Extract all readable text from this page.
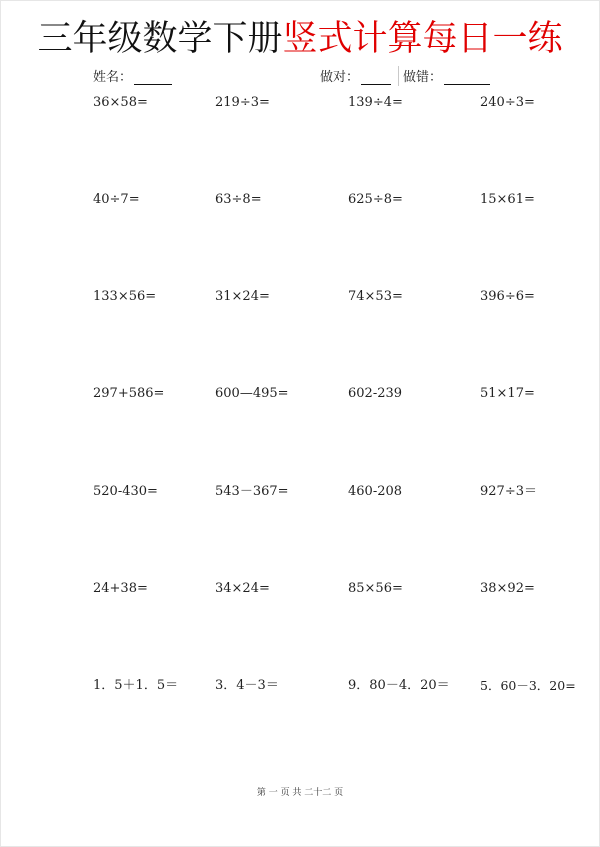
三年级数学下册竖式计算每日一练
姓名：	做对：	做错：
36×58=	219÷3=	139÷4=	240÷3=
40÷7=	63÷8=	625÷8=	15×61=
133×56=	31×24=	74×53=	396÷6=
297+586=	600—495=	602-239	51×17=
520-430=	543－367=	460-208	927÷3＝
24+38=	34×24=	85×56=	38×92=
1．5＋1．5＝	3．4－3＝	9．80－4．20＝ 5．60－3．20=
第 一 页 共 二十二 页
